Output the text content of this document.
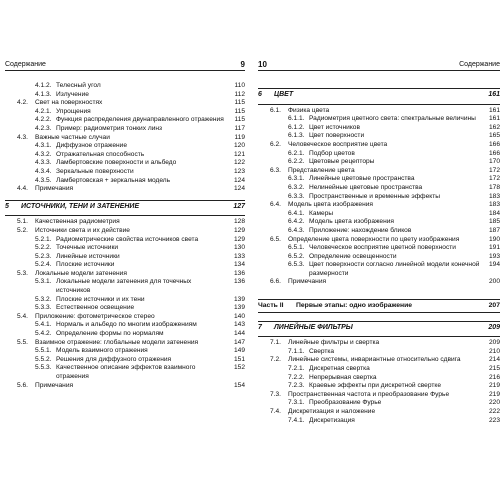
Содержание	9
4.1.2. Телесный угол	110
4.1.3. Излучение	112
4.2. Свет на поверхностях	115
4.2.1. Упрощения	115
4.2.2. Функция распределения двунаправленного отражения 115
4.2.3. Пример: радиометрия тонких линз	117
4.3. Важные частные случаи	119
4.3.1. Диффузное отражение	120
4.3.2. Отражательная способность	121
4.3.3. Ламбертовские поверхности и альбедо	122
4.3.4. Зеркальные поверхности	123
4.3.5. Ламбертовская + зеркальная модель	124
4.4. Примечания	124
5 ИСТОЧНИКИ, ТЕНИ И ЗАТЕНЕНИЕ	127
5.1. Качественная радиометрия	128
5.2. Источники света и их действие	129
5.2.1. Радиометрические свойства источников света	129
5.2.2. Точечные источники	130
5.2.3. Линейные источники	133
5.2.4. Плоские источники	134
5.3. Локальные модели затенения	136
5.3.1. Локальные модели затенения для точечных источников
136
5.3.2. Плоские источники и их тени	139
5.3.3. Естественное освещение	139
5.4. Приложение: фотометрическое стерео	140
5.4.1. Нормаль и альбедо по многим изображениям	143
5.4.2. Определение формы по нормалям	144
5.5. Взаимное отражение: глобальные модели затенения	147
5.5.1. Модель взаимного отражения	149
5.5.2. Решения для диффузного отражения	151
5.5.3. Качественное описание эффектов взаимного отражения
152
5.6. Примечания	154
10	Содержание
6 ЦВЕТ	161
6.1. Физика цвета	161
6.1.1. Радиометрия цветного света: спектральные величины	161
6.1.2. Цвет источников	162
6.1.3. Цвет поверхности	165
6.2. Человеческое восприятие цвета	166
6.2.1. Подбор цветов	166
6.2.2. Цветовые рецепторы	170
6.3. Представление цвета	172
6.3.1. Линейные цветовые пространства	172
6.3.2. Нелинейные цветовые пространства	178
6.3.3. Пространственные и временные эффекты	183
6.4. Модель цвета изображения	183
6.4.1. Камеры	184
6.4.2. Модель цвета изображения	185
6.4.3. Приложение: нахождение бликов	187
6.5. Определение цвета поверхности по цвету изображения	190
6.5.1. Человеческое восприятие цветной поверхности	191
6.5.2. Определение освещенности	193
6.5.3. Цвет поверхности согласно линейной модели конечной размерности
194
6.6. Примечания	200
Часть II Первые этапы: одно изображение	207
7 ЛИНЕЙНЫЕ ФИЛЬТРЫ	209
7.1. Линейные фильтры и свертка	209
7.1.1. Свертка	210
7.2. Линейные системы, инвариантные относительно сдвига	214
7.2.1. Дискретная свертка	215
7.2.2. Непрерывная свертка	216
7.2.3. Краевые эффекты при дискретной свертке	219
7.3. Пространственная частота и преобразование Фурье	219
7.3.1. Преобразование Фурье	220
7.4. Дискретизация и наложение	222
7.4.1. Дискретизация	223
